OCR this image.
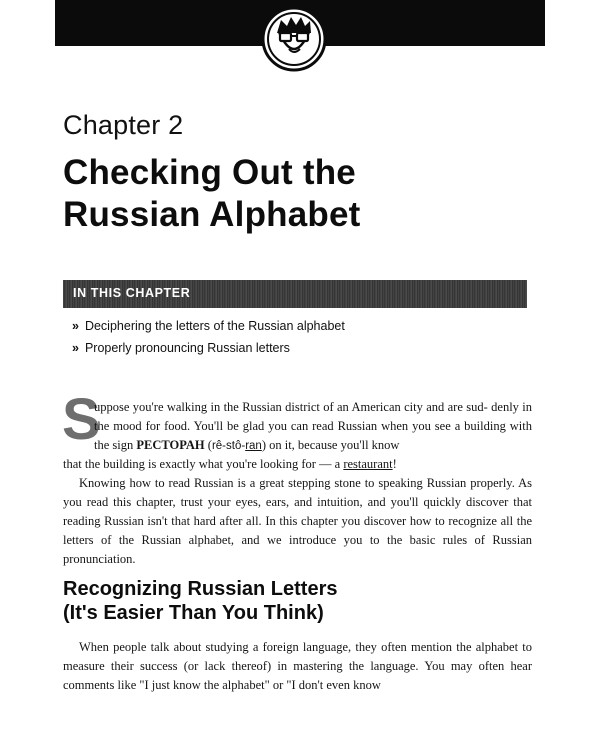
Chapter 2
Checking Out the
Russian Alphabet

IN THIS CHAPTER

» Deciphering the letters of the Russian alphabet
» Properly pronouncing Russian letters
S

uppose you're walking in the Russian district of an American city and are sud- denly in the mood for food. You'll be glad you can read Russian when you see a building with the sign PECTOPAH (rê-stô-ran) on it, because you'll know

that the building is exactly what you're looking for — a restaurant!

Knowing how to read Russian is a great stepping stone to speaking Russian properly. As you read this chapter, trust your eyes, ears, and intuition, and you'll quickly discover that reading Russian isn't that hard after all. In this chapter you discover how to recognize all the letters of the Russian alphabet, and we introduce you to the basic rules of Russian pronunciation.

Recognizing Russian Letters
(It's Easier Than You Think)

When people talk about studying a foreign language, they often mention the alphabet to measure their success (or lack thereof) in mastering the language. You may often hear comments like "I just know the alphabet" or "I don't even know
